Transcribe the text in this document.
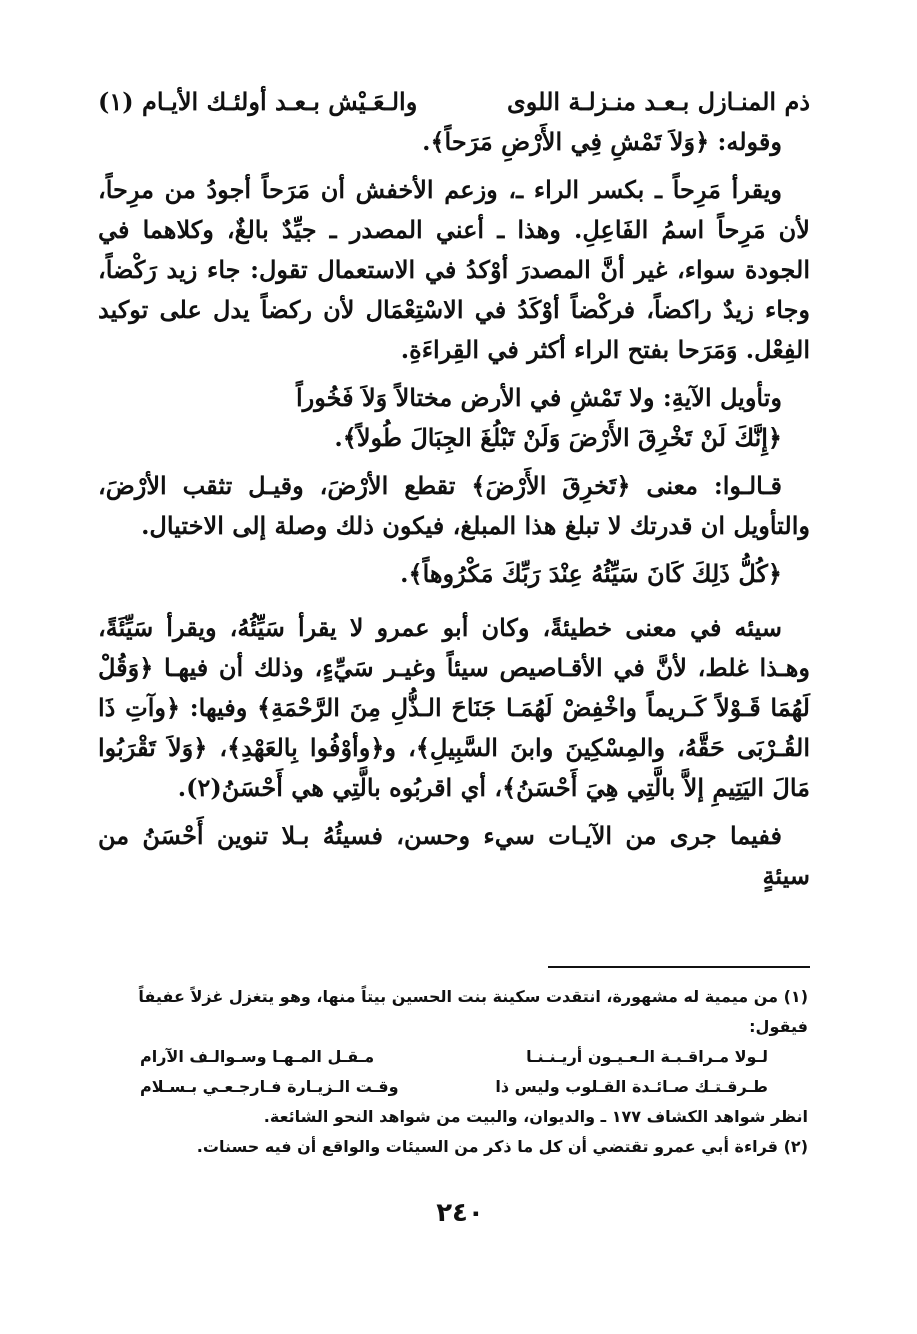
ذم المنـازل بـعـد منـزلـة اللوى
والـعَـيْش بـعـد أولئـك الأيـام (١)

وقوله: ﴿وَلاَ تَمْشِ فِي الأَرْضِ مَرَحاً﴾.

ويقرأ مَرِحاً ـ بكسر الراء ـ، وزعم الأخفش أن مَرَحاً أجودُ من مرِحاً، لأن مَرِحاً اسمُ الفَاعِلِ. وهذا ـ أعني المصدر ـ جيِّدٌ بالغٌ، وكلاهما في الجودة سواء، غير أنَّ المصدرَ أوْكدُ في الاستعمال تقول: جاء زيد رَكْضاً، وجاء زيدٌ راكضاً، فركْضاً أوْكَدُ في الاسْتِعْمَال لأن ركضاً يدل على توكيد الفِعْل. وَمَرَحا بفتح الراء أكثر في القِراءَةِ.

وتأويل الآيةِ: ولا تَمْشِ في الأرض مختالاً وَلاَ فَخُوراً

﴿إِنَّكَ لَنْ تَخْرِقَ الأَرْضَ وَلَنْ تَبْلُغَ الجِبَالَ طُولاً﴾.

قـالـوا: معنى ﴿تَخرِقَ الأَرْضَ﴾ تقطع الأرْضَ، وقيـل تثقب الأرْضَ، والتأويل ان قدرتك لا تبلغ هذا المبلغ، فيكون ذلك وصلة إلى الاختيال.

﴿كُلُّ ذَلِكَ كَانَ سَيِّئُهُ عِنْدَ رَبِّكَ مَكْرُوهاً﴾.

سيئه في معنى خطيئةً، وكان أبو عمرو لا يقرأ سَيِّئُهُ، ويقرأ سَيِّئَةً، وهـذا غلط، لأنَّ في الأقـاصيص سيئاً وغيـر سَيِّءٍ، وذلك أن فيهـا ﴿وَقُلْ لَهُمَا قَـوْلاً كَـريماً واخْفِضْ لَهُمَـا جَنَاحَ الـذُّلِ مِنَ الرَّحْمَةِ﴾ وفيها: ﴿وآتِ ذَا القُـرْبَى حَقَّهُ، والمِسْكِينَ وابنَ السَّبِيلِ﴾، و﴿وأوْفُوا بِالعَهْدِ﴾، ﴿وَلاَ تَقْرَبُوا مَالَ اليَتِيمِ إلاَّ بالَّتِي هِيَ أَحْسَنُ﴾، أي اقربُوه بالَّتِي هي أَحْسَنُ(٢).

ففيما جرى من الآيـات سيء وحسن، فسيئُهُ بـلا تنوين أَحْسَنُ من سيئةٍ

(١) من ميمية له مشهورة، انتقدت سكينة بنت الحسين بيتاً منها، وهو يتغزل غزلاً عفيفاً فيقول:

لـولا مـراقـبـة الـعـيـون أريـنـنـا
مـقـل المـهـا وسـوالـف الآرام
طـرقـتـك صـائـدة القـلوب وليس ذا
وقـت الـزيـارة فـارجـعـي بـسـلام

انظر شواهد الكشاف ١٧٧ ـ والديوان، والبيت من شواهد النحو الشائعة.

(٢) قراءة أبي عمرو تقتضي أن كل ما ذكر من السيئات والواقع أن فيه حسنات.

٢٤٠
